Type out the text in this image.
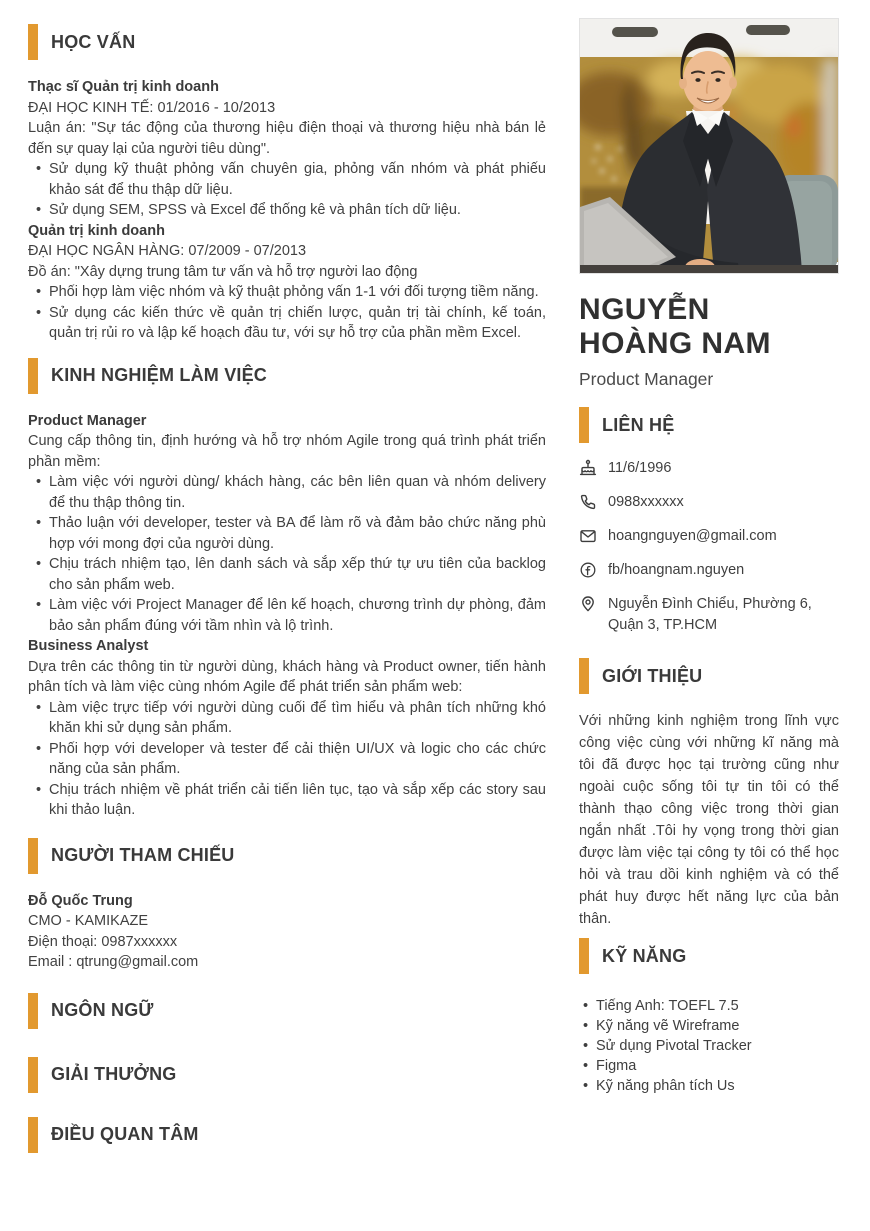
HỌC VẤN

Thạc sĩ Quản trị kinh doanh

ĐẠI HỌC KINH TẾ: 01/2016 - 10/2013

Luận án: "Sự tác động của thương hiệu điện thoại và thương hiệu nhà bán lẻ đến sự quay lại của người tiêu dùng".

• Sử dụng kỹ thuật phỏng vấn chuyên gia, phỏng vấn nhóm và phát phiếu khảo sát để thu thập dữ liệu.
• Sử dụng SEM, SPSS và Excel để thống kê và phân tích dữ liệu.

Quản trị kinh doanh

ĐẠI HỌC NGÂN HÀNG: 07/2009 - 07/2013

Đồ án: "Xây dựng trung tâm tư vấn và hỗ trợ người lao động

• Phối hợp làm việc nhóm và kỹ thuật phỏng vấn 1-1 với đối tượng tiềm năng.
• Sử dụng các kiến thức về quản trị chiến lược, quản trị tài chính, kế toán, quản trị rủi ro và lập kế hoạch đầu tư, với sự hỗ trợ của phần mềm Excel.
KINH NGHIỆM LÀM VIỆC

Product Manager

Cung cấp thông tin, định hướng và hỗ trợ nhóm Agile trong quá trình phát triển phần mềm:

• Làm việc với người dùng/ khách hàng, các bên liên quan và nhóm delivery để thu thập thông tin.
• Thảo luận với developer, tester và BA để làm rõ và đảm bảo chức năng phù hợp với mong đợi của người dùng.
• Chịu trách nhiệm tạo, lên danh sách và sắp xếp thứ tự ưu tiên của backlog cho sản phẩm web.
• Làm việc với Project Manager để lên kế hoạch, chương trình dự phòng, đảm bảo sản phẩm đúng với tầm nhìn và lộ trình.

Business Analyst

Dựa trên các thông tin từ người dùng, khách hàng và Product owner, tiến hành phân tích và làm việc cùng nhóm Agile để phát triển sản phẩm web:

• Làm việc trực tiếp với người dùng cuối để tìm hiểu và phân tích những khó khăn khi sử dụng sản phẩm.
• Phối hợp với developer và tester để cải thiện UI/UX và logic cho các chức năng của sản phẩm.
• Chịu trách nhiệm về phát triển cải tiến liên tục, tạo và sắp xếp các story sau khi thảo luận.
NGƯỜI THAM CHIẾU

Đỗ Quốc Trung

CMO - KAMIKAZE

Điện thoại: 0987xxxxxx

Email : qtrung@gmail.com

NGÔN NGỮ
GIẢI THƯỞNG
ĐIỀU QUAN TÂM
NGUYỄN
HOÀNG NAM
Product Manager
LIÊN HỆ
11/6/1996
0988xxxxxx
hoangnguyen@gmail.com
fb/hoangnam.nguyen
Nguyễn Đình Chiểu, Phường 6, Quận 3, TP.HCM
GIỚI THIỆU

Với những kinh nghiệm trong lĩnh vực công việc cùng với những kĩ năng mà tôi đã được học tại trường cũng như ngoài cuộc sống tôi tự tin tôi có thể thành thạo công việc trong thời gian ngắn nhất .Tôi hy vọng trong thời gian được làm việc tại công ty tôi có thể học hỏi và trau dồi kinh nghiệm và có thể phát huy được hết năng lực của bản thân.

KỸ NĂNG
• Tiếng Anh: TOEFL 7.5
• Kỹ năng vẽ Wireframe
• Sử dụng Pivotal Tracker
• Figma
• Kỹ năng phân tích Us
